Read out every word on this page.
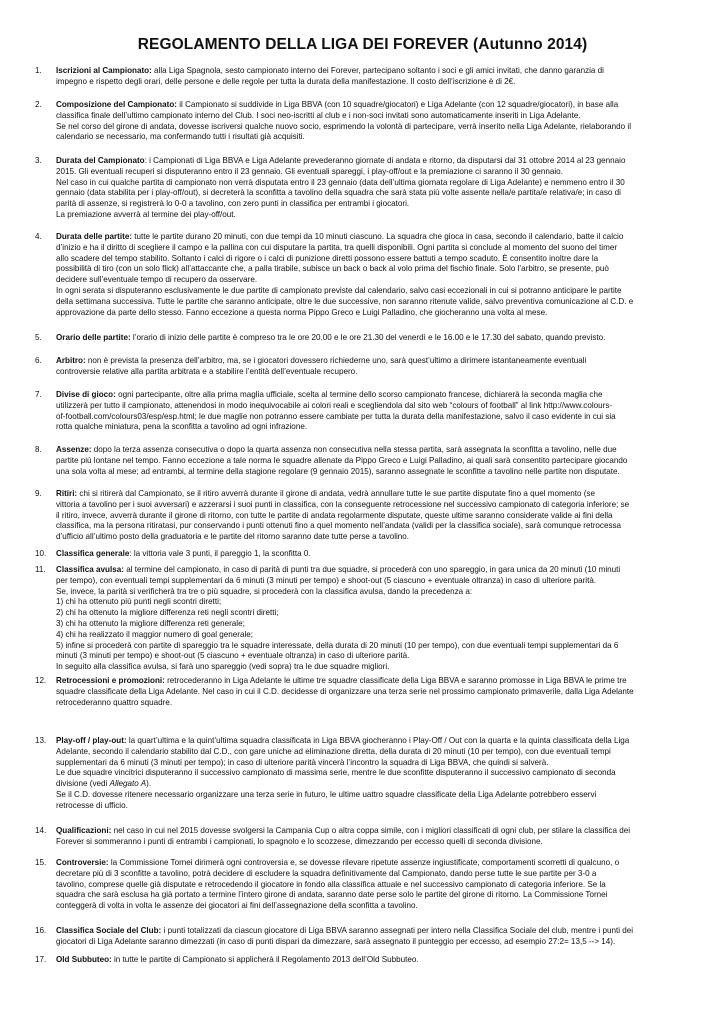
REGOLAMENTO DELLA LIGA DEI FOREVER (Autunno 2014)
1. Iscrizioni al Campionato: alla Liga Spagnola, sesto campionato interno dei Forever, partecipano soltanto i soci e gli amici invitati, che danno garanzia di
impegno e rispetto degli orari, delle persone e delle regole per tutta la durata della manifestazione. Il costo dell’iscrizione è di 2€.
2. Composizione del Campionato: il Campionato si suddivide in Liga BBVA (con 10 squadre/giocatori) e Liga Adelante (con 12 squadre/giocatori), in base alla
classifica finale dell’ultimo campionato interno del Club. I soci neo-iscritti al club e i non-soci invitati sono automaticamente inseriti in Liga Adelante.
Se nel corso del girone di andata, dovesse iscriversi qualche nuovo socio, esprimendo la volontà di partecipare, verrà inserito nella Liga Adelante, rielaborando il
calendario se necessario, ma confermando tutti i risultati già acquisiti.
3. Durata del Campionato: i Campionati di Liga BBVA e Liga Adelante prevederanno giornate di andata e ritorno, da disputarsi dal 31 ottobre 2014 al 23 gennaio
2015. Gli eventuali recuperi si disputeranno entro il 23 gennaio. Gli eventuali spareggi, i play-off/out e la premiazione ci saranno il 30 gennaio.
Nel caso in cui qualche partita di campionato non verrà disputata entro il 23 gennaio (data dell’ultima giornata regolare di Liga Adelante) e nemmeno entro il 30
gennaio (data stabilita per i play-off/out), si decreterà la sconfitta a tavolino della squadra che sarà stata più volte assente nella/e partita/e relativa/e; in caso di
parità di assenze, si registrerà lo 0-0 a tavolino, con zero punti in classifica per entrambi i giocatori.
La premiazione avverrà al termine dei play-off/out.
4. Durata delle partite: tutte le partite durano 20 minuti, con due tempi da 10 minuti ciascuno. La squadra che gioca in casa, secondo il calendario, batte il calcio
d’inizio e ha il diritto di scegliere il campo e la pallina con cui disputare la partita, tra quelli disponibili. Ogni partita si conclude al momento del suono del timer
allo scadere del tempo stabilito. Soltanto i calci di rigore o i calci di punizione diretti possono essere battuti a tempo scaduto. È consentito inoltre dare la
possibilità di tiro (con un solo flick) all’attaccante che, a palla tirabile, subisce un back o back al volo prima del fischio finale. Solo l’arbitro, se presente, può
decidere sull’eventuale tempo di recupero da osservare.
In ogni serata si disputeranno esclusivamente le due partite di campionato previste dal calendario, salvo casi eccezionali in cui si potranno anticipare le partite
della settimana successiva. Tutte le partite che saranno anticipate, oltre le due successive, non saranno ritenute valide, salvo preventiva comunicazione al C.D. e
approvazione da parte dello stesso. Fanno eccezione a questa norma Pippo Greco e Luigi Palladino, che giocheranno una volta al mese.
5. Orario delle partite: l’orario di inizio delle partite è compreso tra le ore 20.00 e le ore 21.30 del venerdì e le 16.00 e le 17.30 del sabato, quando previsto.
6. Arbitro: non è prevista la presenza dell’arbitro, ma, se i giocatori dovessero richiederne uno, sarà quest’ultimo a dirimere istantaneamente eventuali
controversie relative alla partita arbitrata e a stabilire l’entità dell’eventuale recupero.
7. Divise di gioco: ogni partecipante, oltre alla prima maglia ufficiale, scelta al termine dello scorso campionato francese, dichiarerà la seconda maglia che
utilizzerà per tutto il campionato, attenendosi in modo inequivocabile ai colori reali e scegliendola dal sito web “colours of football” al link http://www.colours-
of-football.com/colours03/esp/esp.html; le due maglie non potranno essere cambiate per tutta la durata della manifestazione, salvo il caso evidente in cui sia
rotta qualche miniatura, pena la sconfitta a tavolino ad ogni infrazione.
8. Assenze: dopo la terza assenza consecutiva o dopo la quarta assenza non consecutiva nella stessa partita, sarà assegnata la sconfitta a tavolino, nelle due
partite più lontane nel tempo. Fanno eccezione a tale norma le squadre allenate da Pippo Greco e Luigi Palladino, ai quali sarà consentito partecipare giocando
una sola volta al mese; ad entrambi, al termine della stagione regolare (9 gennaio 2015), saranno assegnate le sconfitte a tavolino nelle partite non disputate.
9. Ritiri: chi si ritirerà dal Campionato, se il ritiro avverrà durante il girone di andata, vedrà annullare tutte le sue partite disputate fino a quel momento (se
vittoria a tavolino per i suoi avversari) e azzerarsi i suoi punti in classifica, con la conseguente retrocessione nel successivo campionato di categoria inferiore; se
il ritiro, invece, avverrà durante il girone di ritorno, con tutte le partite di andata regolarmente disputate, queste ultime saranno considerate valide ai fini della
classifica, ma la persona ritiratasi, pur conservando i punti ottenuti fino a quel momento nell’andata (validi per la classifica sociale), sarà comunque retrocessa
d’ufficio all’ultimo posto della graduatoria e le partite del ritorno saranno date tutte perse a tavolino.
10. Classifica generale: la vittoria vale 3 punti, il pareggio 1, la sconfitta 0.
11. Classifica avulsa: al termine del campionato, in caso di parità di punti tra due squadre, si procederà con uno spareggio, in gara unica da 20 minuti (10 minuti
per tempo), con eventuali tempi supplementari da 6 minuti (3 minuti per tempo) e shoot-out (5 ciascuno + eventuale oltranza) in caso di ulteriore parità.
Se, invece, la parità si verificherà tra tre o più squadre, si procederà con la classifica avulsa, dando la precedenza a:
1) chi ha ottenuto più punti negli scontri diretti;
2) chi ha ottenuto la migliore differenza reti negli scontri diretti;
3) chi ha ottenuto la migliore differenza reti generale;
4) chi ha realizzato il maggior numero di goal generale;
5) infine si procederà con partite di spareggio tra le squadre interessate, della durata di 20 minuti (10 per tempo), con due eventuali tempi supplementari da 6
minuti (3 minuti per tempo) e shoot-out (5 ciascuno + eventuale oltranza) in caso di ulteriore parità.
In seguito alla classifica avulsa, si farà uno spareggio (vedi sopra) tra le due squadre migliori.
12. Retrocessioni e promozioni: retrocederanno in Liga Adelante le ultime tre squadre classificate della Liga BBVA e saranno promosse in Liga BBVA le prime tre
squadre classificate della Liga Adelante. Nel caso in cui il C.D. decidesse di organizzare una terza serie nel prossimo campionato primaverile, dalla Liga Adelante
retrocederanno quattro squadre.
13. Play-off / play-out: la quart’ultima e la quint’ultima squadra classificata in Liga BBVA giocheranno i Play-Off / Out con la quarta e la quinta classificata della Liga
Adelante, secondo il calendario stabilito dal C.D., con gare uniche ad eliminazione diretta, della durata di 20 minuti (10 per tempo), con due eventuali tempi
supplementari da 6 minuti (3 minuti per tempo); in caso di ulteriore parità vincerà l’incontro la squadra di Liga BBVA, che quindi si salverà.
Le due squadre vincitrici disputeranno il successivo campionato di massima serie, mentre le due sconfitte disputeranno il successivo campionato di seconda
divisione (vedi Allegato A).
Se il C.D. dovesse ritenere necessario organizzare una terza serie in futuro, le ultime uattro squadre classificate della Liga Adelante potrebbero esservi
retrocesse di ufficio.
14. Qualificazioni: nel caso in cui nel 2015 dovesse svolgersi la Campania Cup o altra coppa simile, con i migliori classificati di ogni club, per stilare la classifica dei
Forever si sommeranno i punti di entrambi i campionati, lo spagnolo e lo scozzese, dimezzando per eccesso quelli di seconda divisione.
15. Controversie: la Commissione Tornei dirimerà ogni controversia e, se dovesse rilevare ripetute assenze ingiustificate, comportamenti scorretti di qualcuno, o
decretare più di 3 sconfitte a tavolino, potrà decidere di escludere la squadra definitivamente dal Campionato, dando perse tutte le sue partite per 3-0 a
tavolino, comprese quelle già disputate e retrocedendo il giocatore in fondo alla classifica attuale e nel successivo campionato di categoria inferiore. Se la
squadra che sarà esclusa ha già portato a termine l’intero girone di andata, saranno date perse solo le partite del girone di ritorno. La Commissione Tornei
conteggerà di volta in volta le assenze dei giocatori ai fini dell’assegnazione della sconfitta a tavolino.
16. Classifica Sociale del Club: i punti totalizzati da ciascun giocatore di Liga BBVA saranno assegnati per intero nella Classifica Sociale del club, mentre i punti dei
giocatori di Liga Adelante saranno dimezzati (in caso di punti dispari da dimezzare, sarà assegnato il punteggio per eccesso, ad esempio 27:2= 13,5 --> 14).
17. Old Subbuteo: in tutte le partite di Campionato si applicherà il Regolamento 2013 dell’Old Subbuteo.
